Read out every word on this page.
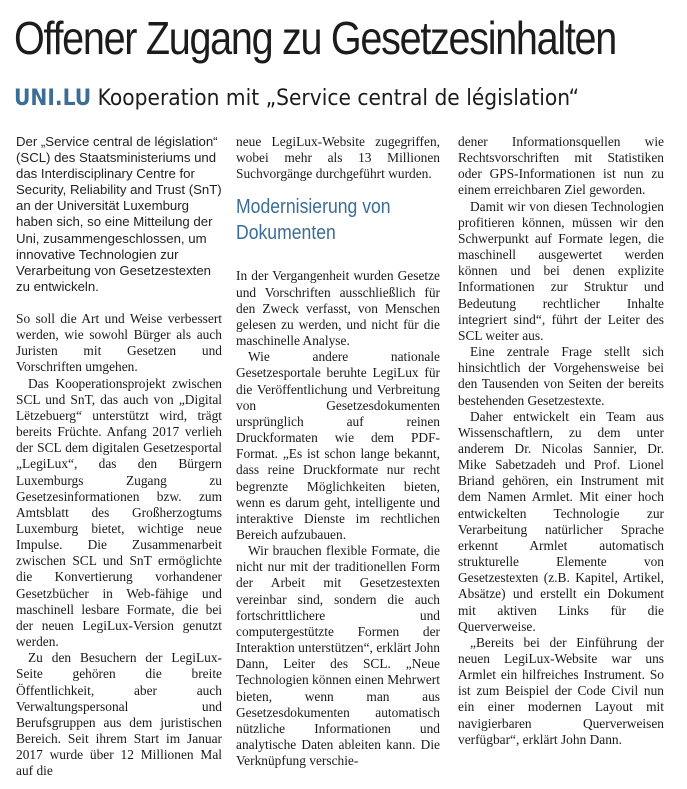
Offener Zugang zu Gesetzesinhalten
UNI.LU Kooperation mit „Service central de législation“

Der „Service central de législation“ (SCL) des Staatsministeriums und das Interdisciplinary Centre for Security, Reliability and Trust (SnT) an der Universität Luxemburg haben sich, so eine Mitteilung der Uni, zusammengeschlossen, um innovative Technologien zur Verarbeitung von Gesetzestexten zu entwickeln.

So soll die Art und Weise verbessert werden, wie sowohl Bürger als auch Juristen mit Gesetzen und Vorschriften umgehen.

Das Kooperationsprojekt zwischen SCL und SnT, das auch von „Digital Lëtzebuerg“ unterstützt wird, trägt bereits Früchte. Anfang 2017 verlieh der SCL dem digitalen Gesetzesportal „LegiLux“, das den Bürgern Luxemburgs Zugang zu Gesetzesinformationen bzw. zum Amtsblatt des Großherzogtums Luxemburg bietet, wichtige neue Impulse. Die Zusammenarbeit zwischen SCL und SnT ermöglichte die Konvertierung vorhandener Gesetzbücher in Web-fähige und maschinell lesbare Formate, die bei der neuen LegiLux-Version genutzt werden.

Zu den Besuchern der LegiLux-Seite gehören die breite Öffentlichkeit, aber auch Verwaltungspersonal und Berufsgruppen aus dem juristischen Bereich. Seit ihrem Start im Januar 2017 wurde über 12 Millionen Mal auf die

neue LegiLux-Website zugegriffen, wobei mehr als 13 Millionen Suchvorgänge durchgeführt wurden.

Modernisierung von Dokumenten

In der Vergangenheit wurden Gesetze und Vorschriften ausschließlich für den Zweck verfasst, von Menschen gelesen zu werden, und nicht für die maschinelle Analyse.

Wie andere nationale Gesetzesportale beruhte LegiLux für die Veröffentlichung und Verbreitung von Gesetzesdokumenten ursprünglich auf reinen Druckformaten wie dem PDF-Format. „Es ist schon lange bekannt, dass reine Druckformate nur recht begrenzte Möglichkeiten bieten, wenn es darum geht, intelligente und interaktive Dienste im rechtlichen Bereich aufzubauen.

Wir brauchen flexible Formate, die nicht nur mit der traditionellen Form der Arbeit mit Gesetzestexten vereinbar sind, sondern die auch fortschrittlichere und computergestützte Formen der Interaktion unterstützen“, erklärt John Dann, Leiter des SCL. „Neue Technologien können einen Mehrwert bieten, wenn man aus Gesetzesdokumenten automatisch nützliche Informationen und analytische Daten ableiten kann. Die Verknüpfung verschie-

dener Informationsquellen wie Rechtsvorschriften mit Statistiken oder GPS-Informationen ist nun zu einem erreichbaren Ziel geworden.

Damit wir von diesen Technologien profitieren können, müssen wir den Schwerpunkt auf Formate legen, die maschinell ausgewertet werden können und bei denen explizite Informationen zur Struktur und Bedeutung rechtlicher Inhalte integriert sind“, führt der Leiter des SCL weiter aus.

Eine zentrale Frage stellt sich hinsichtlich der Vorgehensweise bei den Tausenden von Seiten der bereits bestehenden Gesetzestexte.

Daher entwickelt ein Team aus Wissenschaftlern, zu dem unter anderem Dr. Nicolas Sannier, Dr. Mike Sabetzadeh und Prof. Lionel Briand gehören, ein Instrument mit dem Namen Armlet. Mit einer hoch entwickelten Technologie zur Verarbeitung natürlicher Sprache erkennt Armlet automatisch strukturelle Elemente von Gesetzestexten (z.B. Kapitel, Artikel, Absätze) und erstellt ein Dokument mit aktiven Links für die Querverweise.

„Bereits bei der Einführung der neuen LegiLux-Website war uns Armlet ein hilfreiches Instrument. So ist zum Beispiel der Code Civil nun ein einer modernen Layout mit navigierbaren Querverweisen verfügbar“, erklärt John Dann.
